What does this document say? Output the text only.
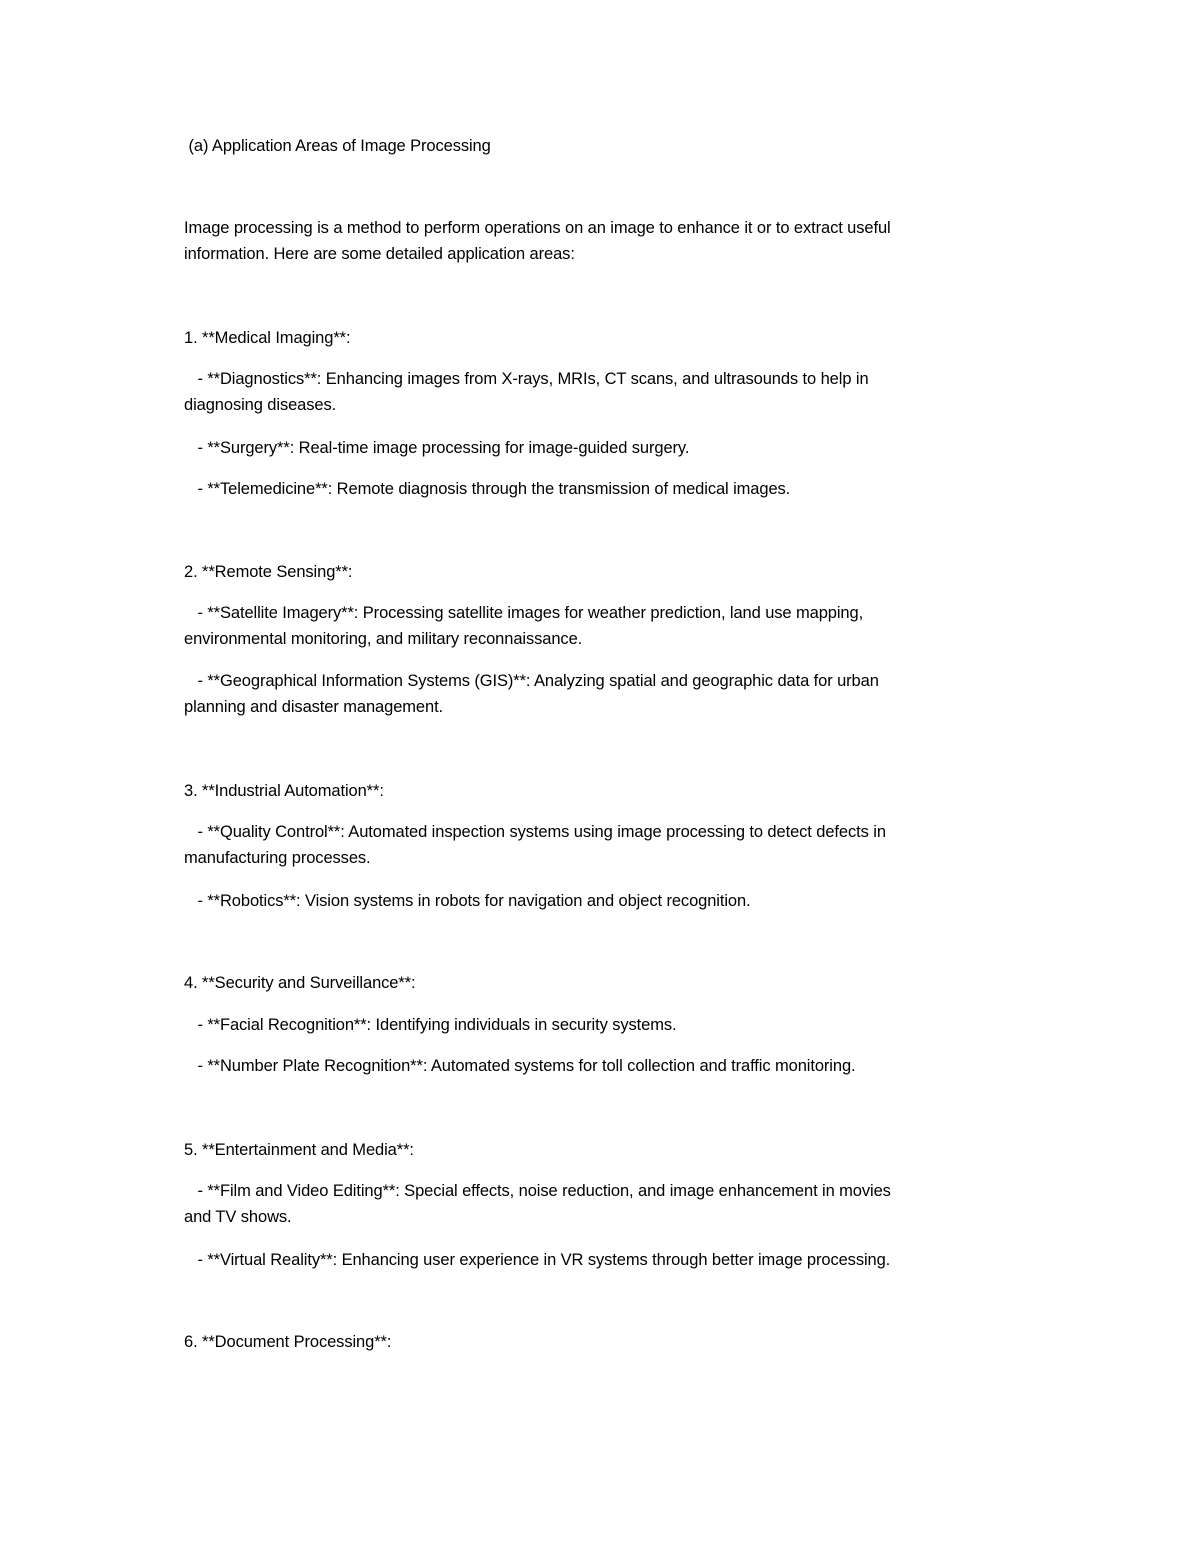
(a) Application Areas of Image Processing
Image processing is a method to perform operations on an image to enhance it or to extract useful
information. Here are some detailed application areas:
1. **Medical Imaging**:
- **Diagnostics**: Enhancing images from X-rays, MRIs, CT scans, and ultrasounds to help in
diagnosing diseases.
- **Surgery**: Real-time image processing for image-guided surgery.
- **Telemedicine**: Remote diagnosis through the transmission of medical images.
2. **Remote Sensing**:
- **Satellite Imagery**: Processing satellite images for weather prediction, land use mapping,
environmental monitoring, and military reconnaissance.
- **Geographical Information Systems (GIS)**: Analyzing spatial and geographic data for urban
planning and disaster management.
3. **Industrial Automation**:
- **Quality Control**: Automated inspection systems using image processing to detect defects in
manufacturing processes.
- **Robotics**: Vision systems in robots for navigation and object recognition.
4. **Security and Surveillance**:
- **Facial Recognition**: Identifying individuals in security systems.
- **Number Plate Recognition**: Automated systems for toll collection and traffic monitoring.
5. **Entertainment and Media**:
- **Film and Video Editing**: Special effects, noise reduction, and image enhancement in movies
and TV shows.
- **Virtual Reality**: Enhancing user experience in VR systems through better image processing.
6. **Document Processing**:
